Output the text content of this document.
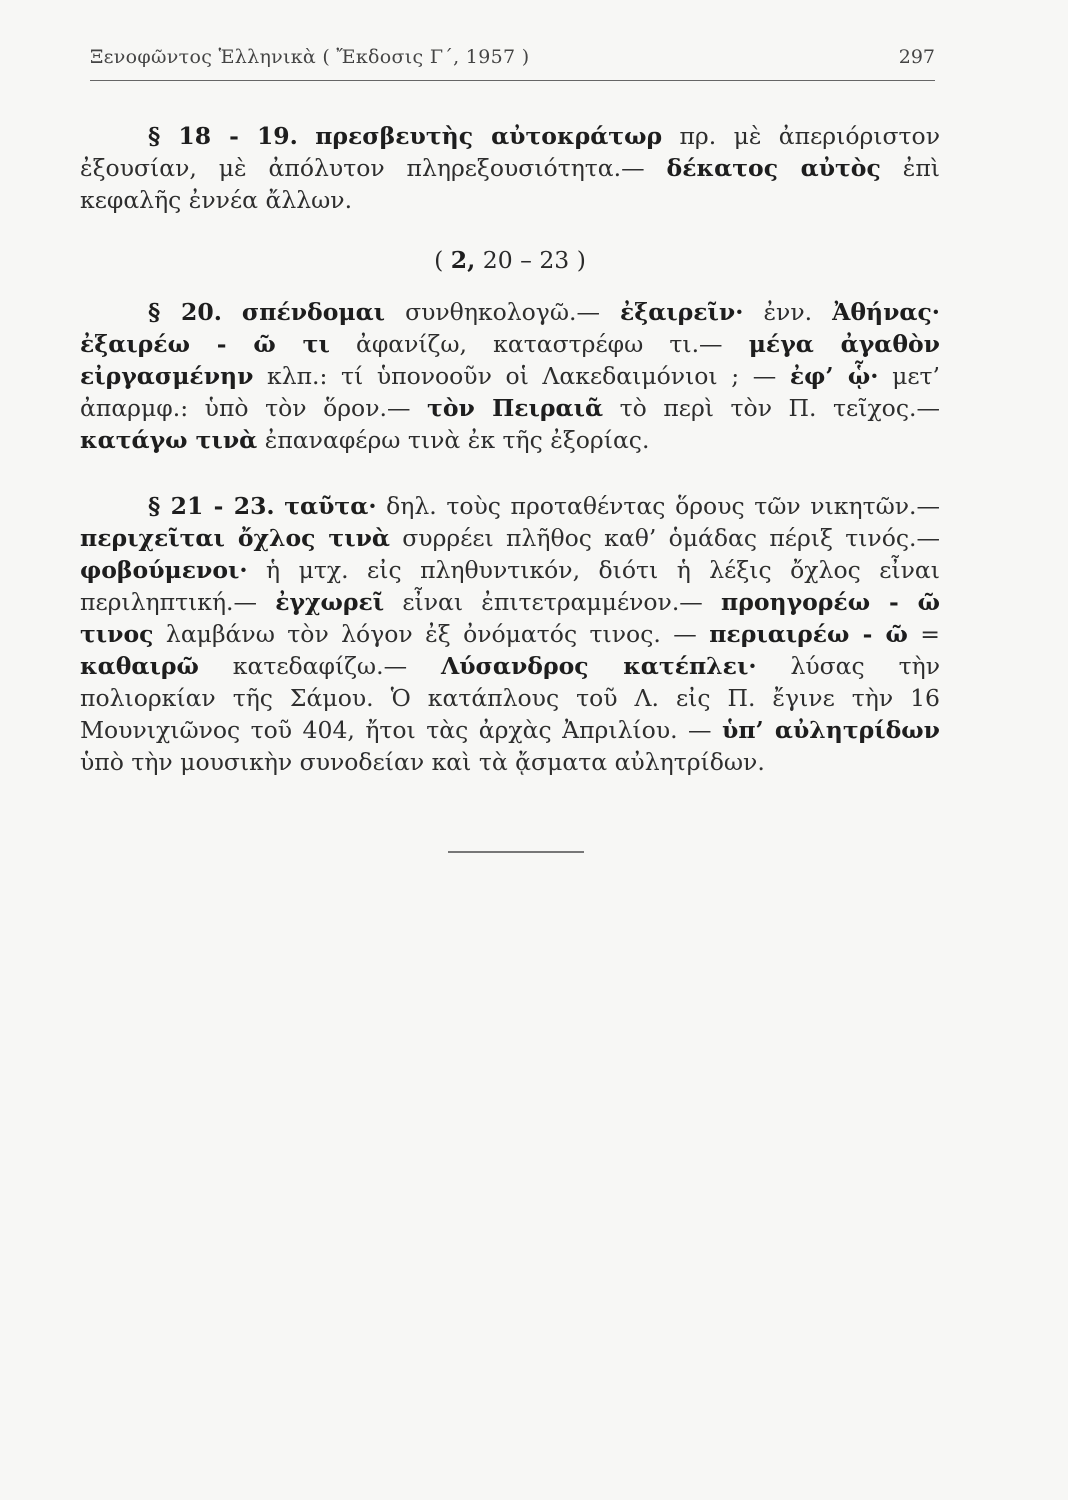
Ξενοφῶντος Ἑλληνικὰ ( Ἔκδοσις Γ΄, 1957 )	297

§ 18 - 19. πρεσβευτὴς αὐτοκράτωρ πρ. μὲ ἀπεριόριστον ἐξουσίαν, μὲ ἀπόλυτον πληρεξουσιότητα.— δέκατος αὐτὸς ἐπὶ κεφαλῆς ἐννέα ἄλλων.

( 2, 20 – 23 )

§ 20. σπένδομαι συνθηκολογῶ.— ἐξαιρεῖν· ἐνν. Ἀθήνας· ἐξαιρέω - ῶ τι ἀφανίζω, καταστρέφω τι.— μέγα ἀγαθὸν εἰργασμένην κλπ.: τί ὑπονοοῦν οἱ Λακεδαιμόνιοι ; — ἐφ’ ᾧ· μετ’ ἀπαρμφ.: ὑπὸ τὸν ὅρον.— τὸν Πειραιᾶ τὸ περὶ τὸν Π. τεῖχος.— κατάγω τινὰ ἐπαναφέρω τινὰ ἐκ τῆς ἐξορίας.

§ 21 - 23. ταῦτα· δηλ. τοὺς προταθέντας ὅρους τῶν νικητῶν.— περιχεῖται ὄχλος τινὰ συρρέει πλῆθος καθ’ ὁμάδας πέριξ τινός.— φοβούμενοι· ἡ μτχ. εἰς πληθυντικόν, διότι ἡ λέξις ὄχλος εἶναι περιληπτική.— ἐγχωρεῖ εἶναι ἐπιτετραμμένον.— προηγορέω - ῶ τινος λαμβάνω τὸν λόγον ἐξ ὀνόματός τινος. — περιαιρέω - ῶ = καθαιρῶ κατεδαφίζω.— Λύσανδρος κατέπλει· λύσας τὴν πολιορκίαν τῆς Σάμου. Ὁ κατάπλους τοῦ Λ. εἰς Π. ἔγινε τὴν 16 Μουνιχιῶνος τοῦ 404, ἤτοι τὰς ἀρχὰς Ἀπριλίου. — ὑπ’ αὐλητρίδων ὑπὸ τὴν μουσικὴν συνοδείαν καὶ τὰ ᾄσματα αὐλητρίδων.
